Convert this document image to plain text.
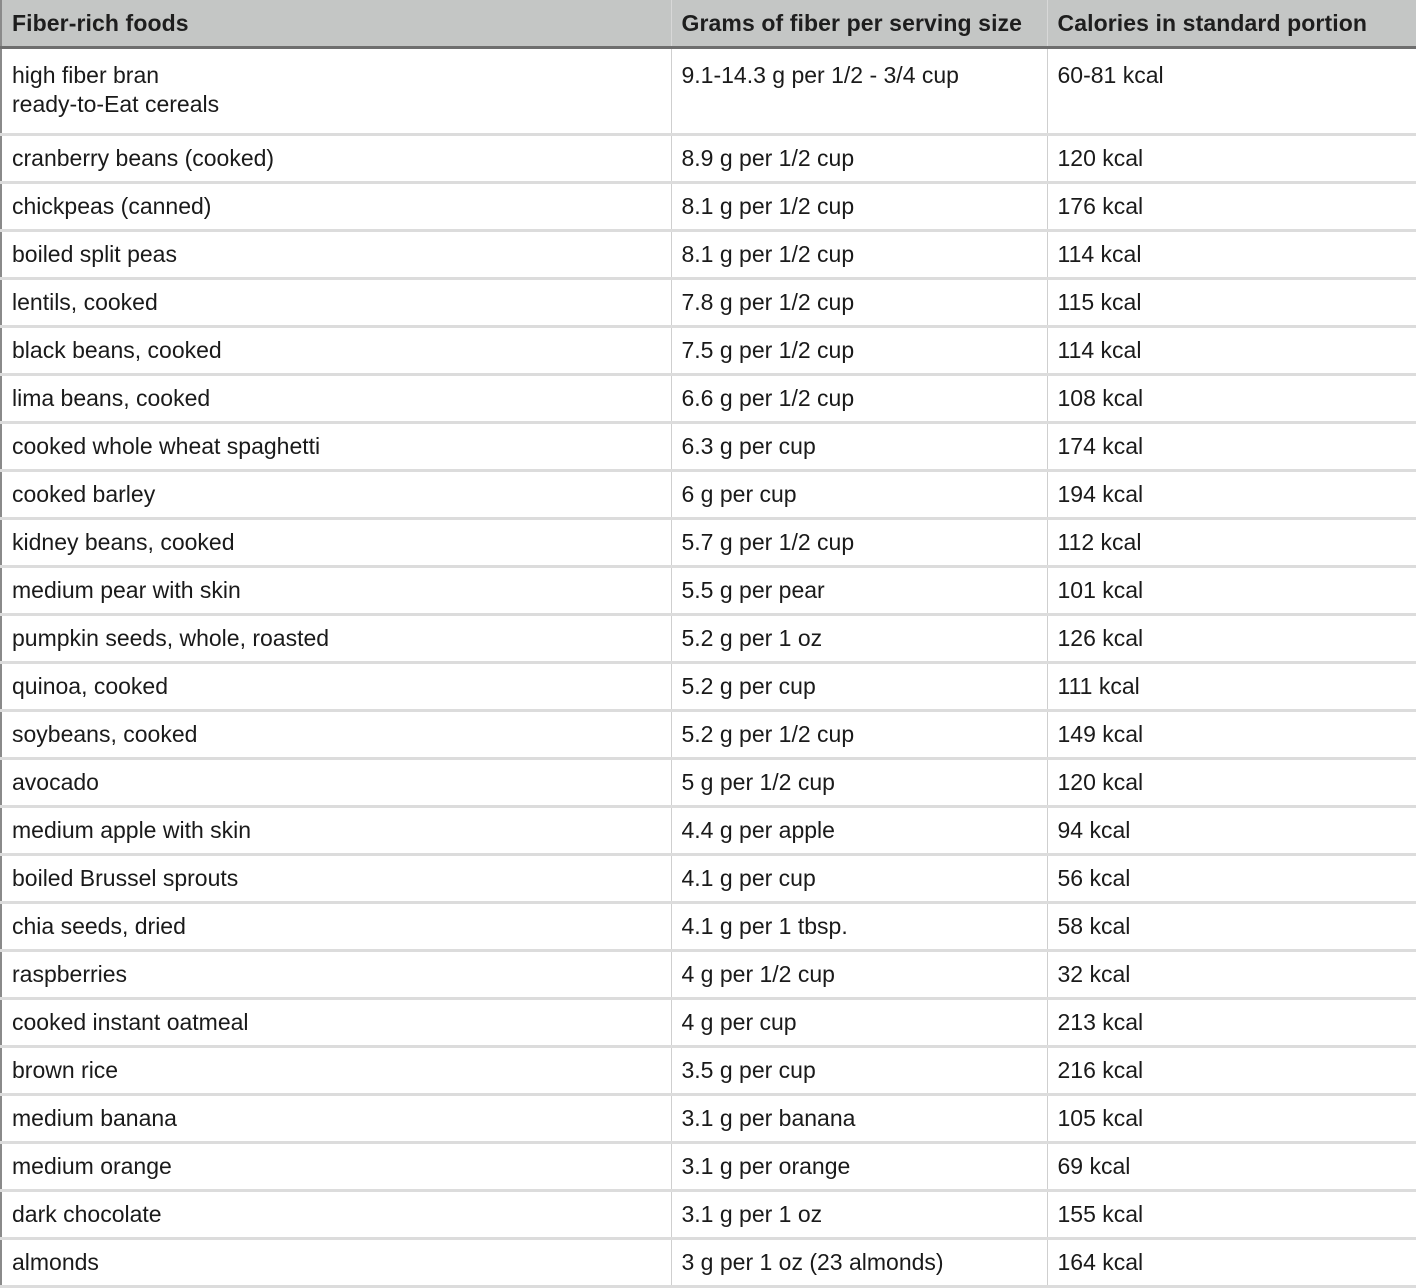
Fiber-rich foods	Grams of fiber per serving size	Calories in standard portion

high fiber bran
ready-to-Eat cereals	9.1-14.3 g per 1/2 - 3/4 cup	60-81 kcal
cranberry beans (cooked)	8.9 g per 1/2 cup	120 kcal
chickpeas (canned)	8.1 g per 1/2 cup	176 kcal
boiled split peas	8.1 g per 1/2 cup	114 kcal
lentils, cooked	7.8 g per 1/2 cup	115 kcal
black beans, cooked	7.5 g per 1/2 cup	114 kcal
lima beans, cooked	6.6 g per 1/2 cup	108 kcal
cooked whole wheat spaghetti	6.3 g per cup	174 kcal
cooked barley	6 g per cup	194 kcal
kidney beans, cooked	5.7 g per 1/2 cup	112 kcal
medium pear with skin	5.5 g per pear	101 kcal
pumpkin seeds, whole, roasted	5.2 g per 1 oz	126 kcal
quinoa, cooked	5.2 g per cup	111 kcal
soybeans, cooked	5.2 g per 1/2 cup	149 kcal
avocado	5 g per 1/2 cup	120 kcal
medium apple with skin	4.4 g per apple	94 kcal
boiled Brussel sprouts	4.1 g per cup	56 kcal
chia seeds, dried	4.1 g per 1 tbsp.	58 kcal
raspberries	4 g per 1/2 cup	32 kcal
cooked instant oatmeal	4 g per cup	213 kcal
brown rice	3.5 g per cup	216 kcal
medium banana	3.1 g per banana	105 kcal
medium orange	3.1 g per orange	69 kcal
dark chocolate	3.1 g per 1 oz	155 kcal
almonds	3 g per 1 oz (23 almonds)	164 kcal
